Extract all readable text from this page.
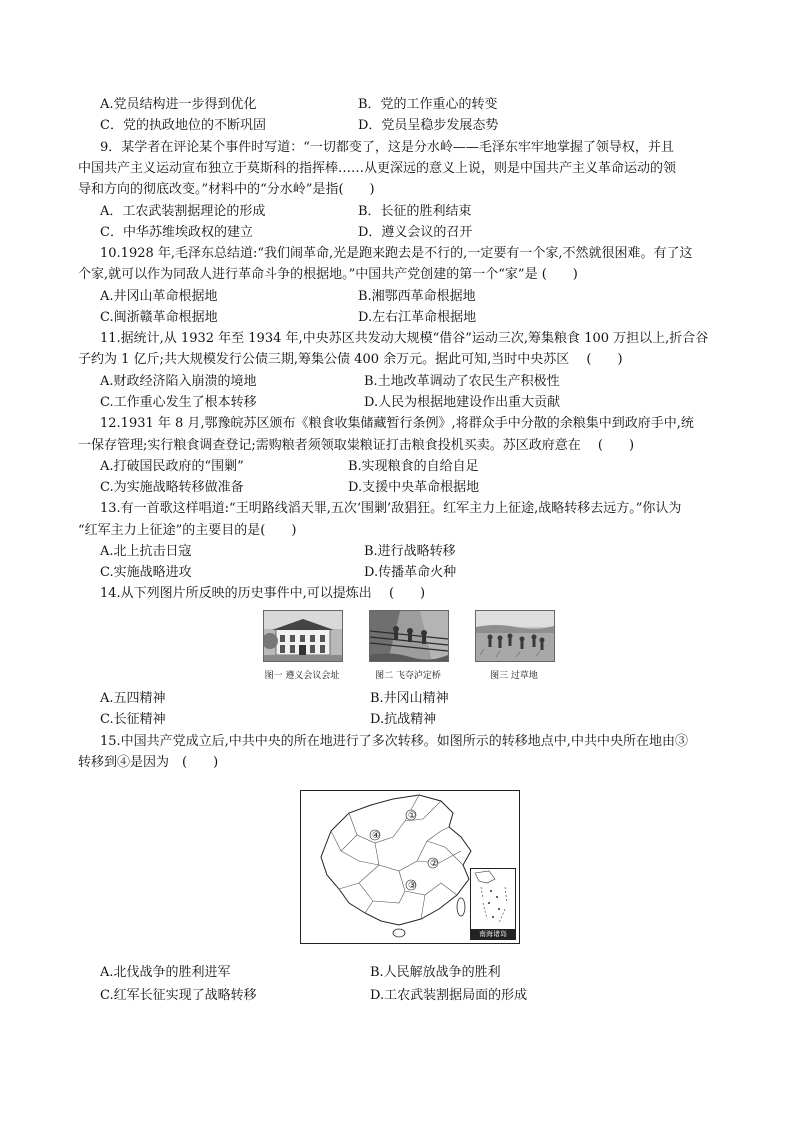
A.党员结构进一步得到优化	B．党的工作重心的转变
C．党的执政地位的不断巩固	D．党员呈稳步发展态势
9．某学者在评论某个事件时写道：“一切都变了，这是分水岭——毛泽东牢牢地掌握了领导权，并且
中国共产主义运动宣布独立于莫斯科的指挥棒……从更深远的意义上说，则是中国共产主义革命运动的领
导和方向的彻底改变。”材料中的“分水岭”是指(　　)
A．工农武装割据理论的形成	B．长征的胜利结束
C．中华苏维埃政权的建立	D．遵义会议的召开
10.1928 年,毛泽东总结道:“我们闹革命,光是跑来跑去是不行的,一定要有一个家,不然就很困难。有了这
个家,就可以作为同敌人进行革命斗争的根据地。”中国共产党创建的第一个“家”是 (　　)
A.井冈山革命根据地	B.湘鄂西革命根据地
C.闽浙赣革命根据地	D.左右江革命根据地
11.据统计,从 1932 年至 1934 年,中央苏区共发动大规模“借谷”运动三次,筹集粮食 100 万担以上,折合谷
子约为 1 亿斤;共大规模发行公债三期,筹集公债 400 余万元。据此可知,当时中央苏区 　(　　)
A.财政经济陷入崩溃的境地	B.土地改革调动了农民生产积极性
C.工作重心发生了根本转移	D.人民为根据地建设作出重大贡献
12.1931 年 8 月,鄂豫皖苏区颁布《粮食收集储藏暂行条例》,将群众手中分散的余粮集中到政府手中,统
一保存管理;实行粮食调查登记;需购粮者须领取粜粮证打击粮食投机买卖。苏区政府意在 　(　　)
A.打破国民政府的“围剿”	B.实现粮食的自给自足
C.为实施战略转移做准备	D.支援中央革命根据地
13.有一首歌这样唱道:“王明路线滔天罪,五次‘围剿’敌猖狂。红军主力上征途,战略转移去远方。”你认为
“红军主力上征途”的主要目的是(　　)
A.北上抗击日寇	B.进行战略转移
C.实施战略进攻	D.传播革命火种
14.从下列图片所反映的历史事件中,可以提炼出　 (　　)
图一 遵义会议会址	图二 飞夺泸定桥	图三 过草地
A.五四精神	B.井冈山精神
C.长征精神	D.抗战精神
15.中国共产党成立后,中共中央的所在地进行了多次转移。如图所示的转移地点中,中共中央所在地由③
转移到④是因为　(　　)
①
②
③
④
南海诸岛
A.北伐战争的胜利进军	B.人民解放战争的胜利
C.红军长征实现了战略转移	D.工农武装割据局面的形成
